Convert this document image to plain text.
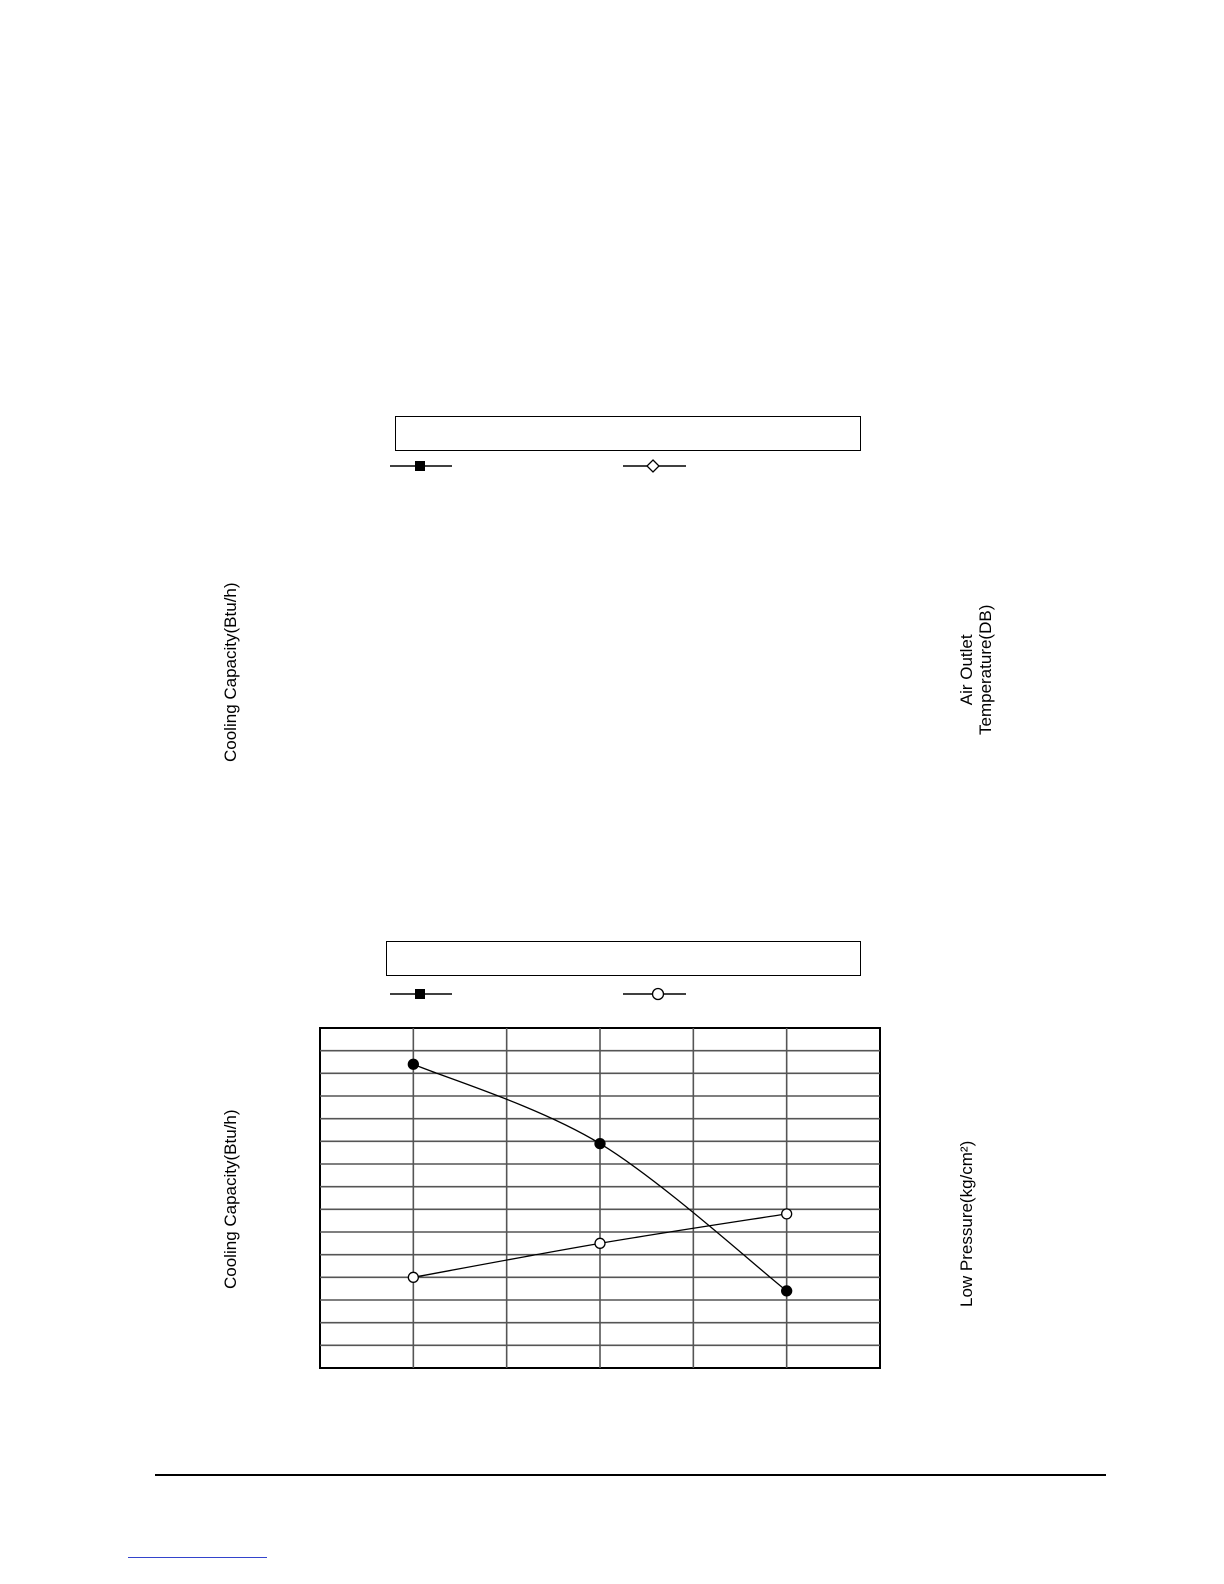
Cooling Capacity(Btu/h)	Air Outlet Temperature(DB)
Cooling Capacity(Btu/h)	Low Pressure(kg/cm²)
